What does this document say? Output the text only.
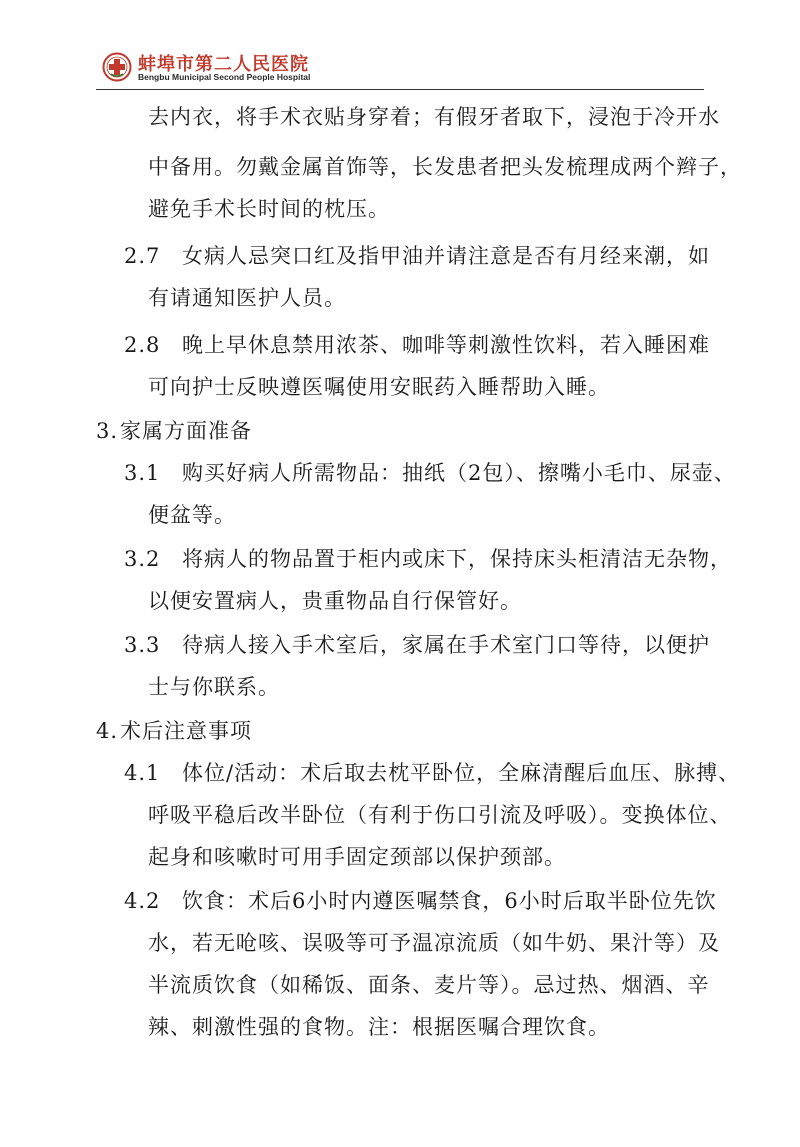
蚌埠市第二人民医院
Bengbu Municipal Second People Hospital
去内衣，将手术衣贴身穿着；有假牙者取下，浸泡于冷开水
中备用。勿戴金属首饰等，长发患者把头发梳理成两个辫子，
避免手术长时间的枕压。
2.7 女病人忌突口红及指甲油并请注意是否有月经来潮，如
有请通知医护人员。
2.8 晚上早休息禁用浓茶、咖啡等刺激性饮料，若入睡困难
可向护士反映遵医嘱使用安眠药入睡帮助入睡。
3.家属方面准备
3.1 购买好病人所需物品：抽纸（2包）、擦嘴小毛巾、尿壶、
便盆等。
3.2 将病人的物品置于柜内或床下，保持床头柜清洁无杂物，
以便安置病人，贵重物品自行保管好。
3.3 待病人接入手术室后，家属在手术室门口等待，以便护
士与你联系。
4.术后注意事项
4.1 体位/活动：术后取去枕平卧位，全麻清醒后血压、脉搏、
呼吸平稳后改半卧位（有利于伤口引流及呼吸）。变换体位、
起身和咳嗽时可用手固定颈部以保护颈部。
4.2 饮食：术后6小时内遵医嘱禁食，6小时后取半卧位先饮
水，若无呛咳、误吸等可予温凉流质（如牛奶、果汁等）及
半流质饮食（如稀饭、面条、麦片等）。忌过热、烟酒、辛
辣、刺激性强的食物。注：根据医嘱合理饮食。
